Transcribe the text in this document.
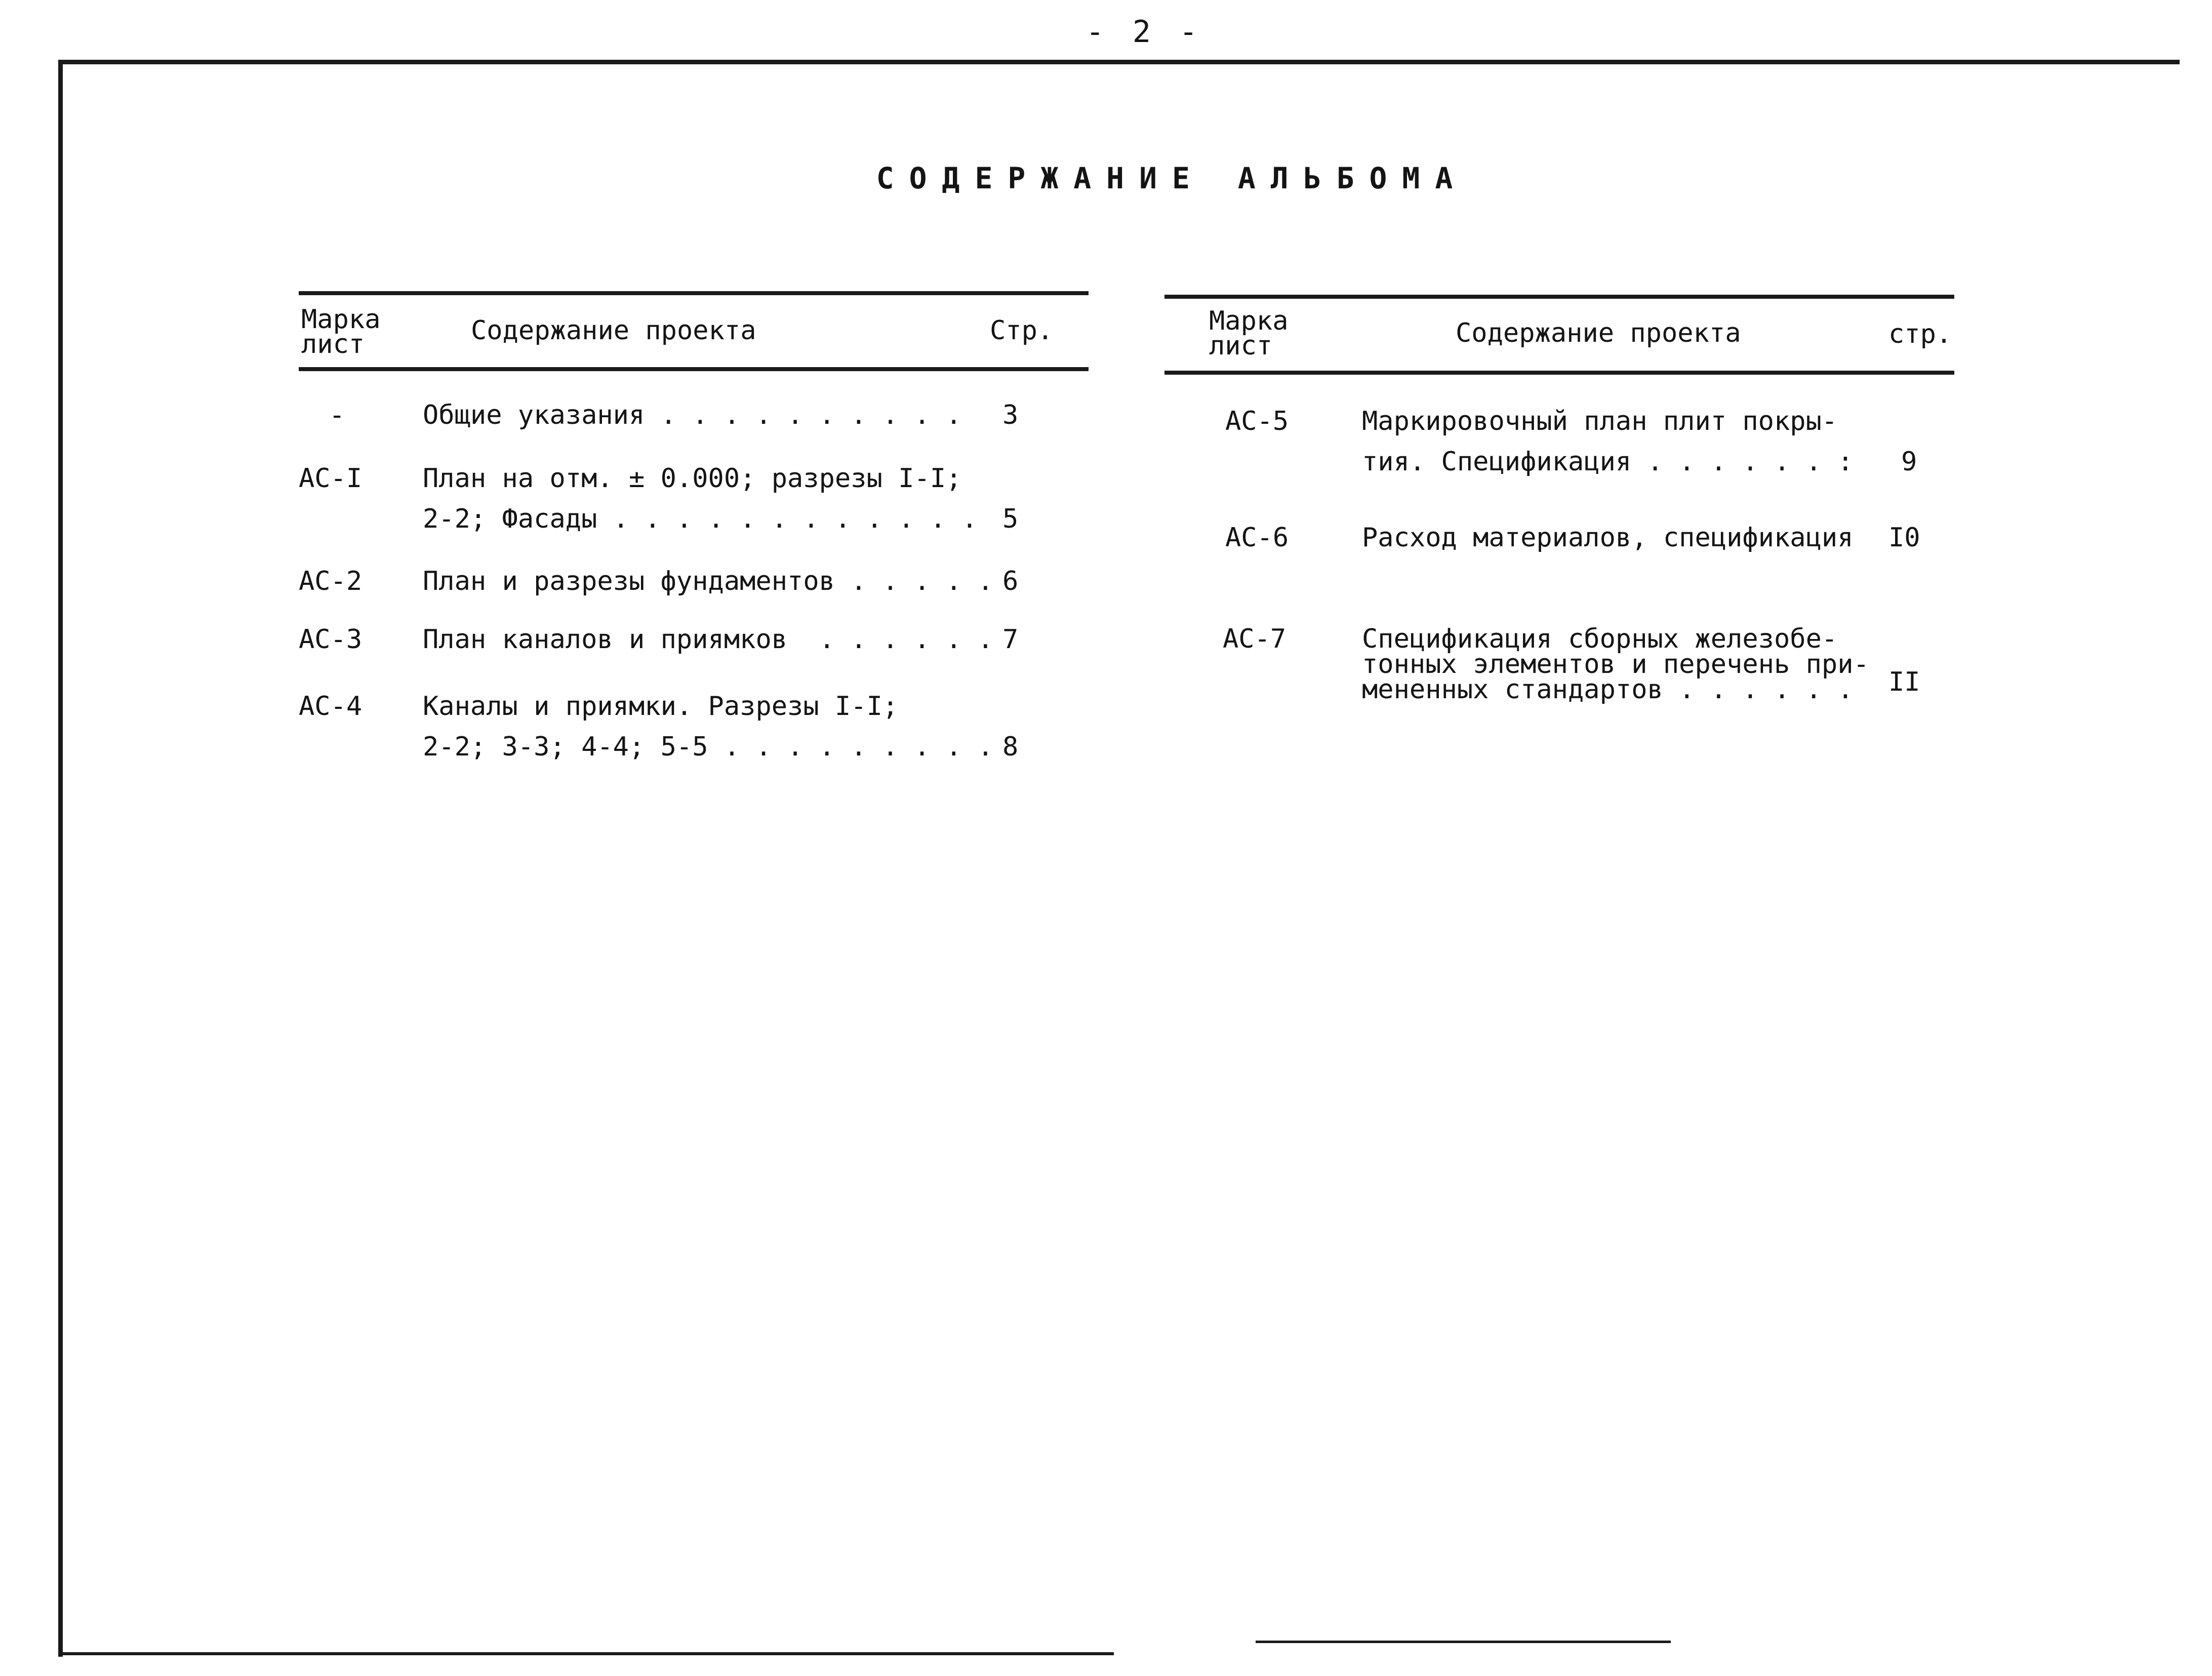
- 2 -
СОДЕРЖАНИЕ АЛЬБОМА
Марка
лист	Содержание проекта	Стр.
-	Общие указания . . . . . . . . . . 3
АС-I План на отм. ± 0.000; разрезы I-I;
2-2; Фасады . . . . . . . . . . . . 5
АС-2 План и разрезы фундаментов . . . . . 6
АС-3 План каналов и приямков  . . . . . . 7
АС-4 Каналы и приямки. Разрезы I-I;
2-2; 3-3; 4-4; 5-5 . . . . . . . . . 8
Марка
лист	Содержание проекта	стр.
АС-5	Маркировочный план плит покры-
тия. Спецификация . . . . . . : 9
АС-6	Расход материалов, спецификация I0
АС-7	Спецификация сборных железобе-
тонных элементов и перечень при-
мененных стандартов . . . . . .	II
